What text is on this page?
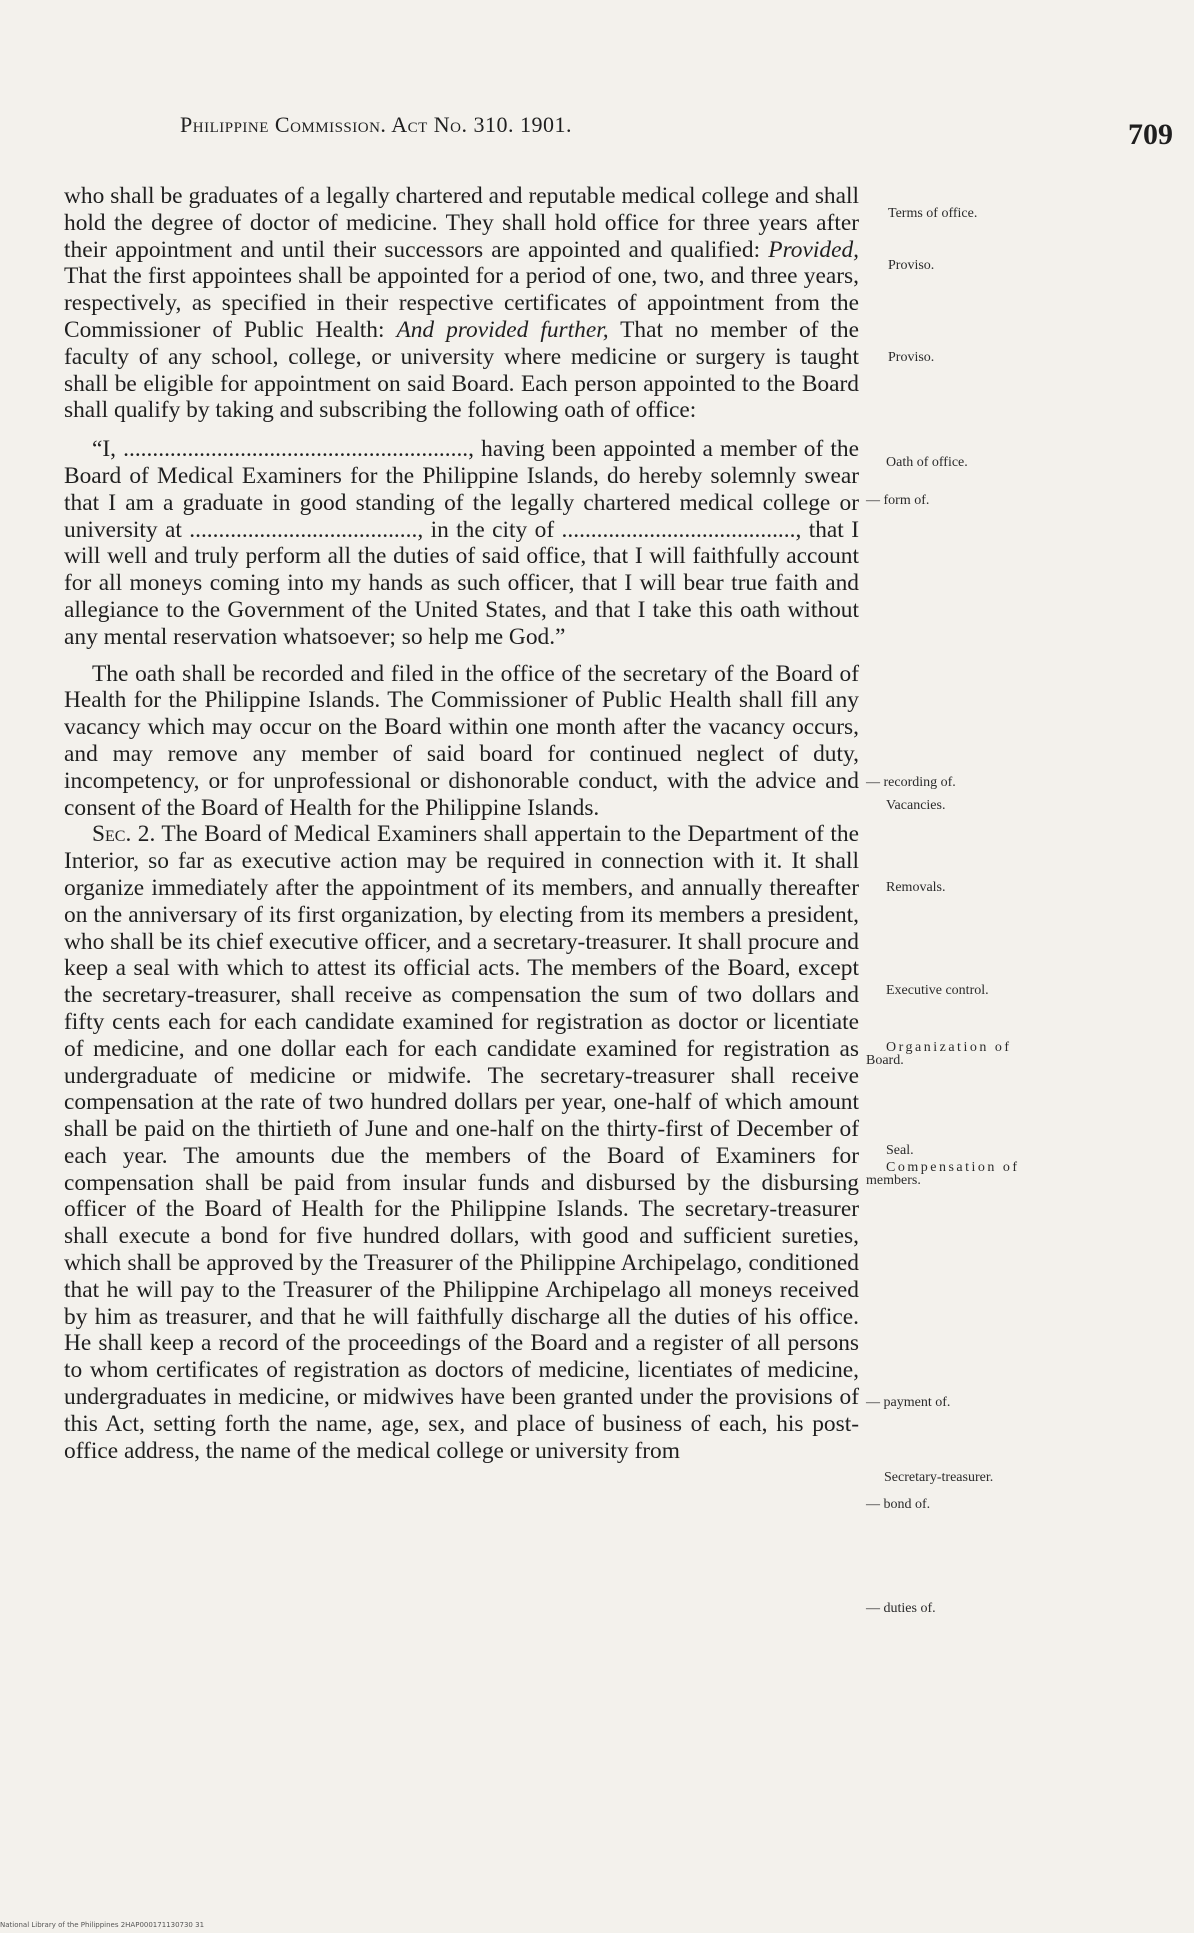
Philippine Commission. Act No. 310. 1901.	709

who shall be graduates of a legally chartered and reputable medical college and shall hold the degree of doctor of medicine. They shall hold office for three years after their appointment and until their successors are appointed and qualified: Provided, That the first appointees shall be appointed for a period of one, two, and three years, respectively, as specified in their respective certificates of appointment from the Commissioner of Public Health: And provided further, That no member of the faculty of any school, college, or university where medicine or surgery is taught shall be eligible for appointment on said Board. Each person appointed to the Board shall qualify by taking and subscribing the following oath of office:

“I, ..........................................................., having been appointed a member of the Board of Medical Examiners for the Philippine Islands, do hereby solemnly swear that I am a graduate in good standing of the legally chartered medical college or university at ......................................., in the city of ........................................, that I will well and truly perform all the duties of said office, that I will faithfully account for all moneys coming into my hands as such officer, that I will bear true faith and allegiance to the Government of the United States, and that I take this oath without any mental reservation whatsoever; so help me God.”

The oath shall be recorded and filed in the office of the secretary of the Board of Health for the Philippine Islands. The Commissioner of Public Health shall fill any vacancy which may occur on the Board within one month after the vacancy occurs, and may remove any member of said board for continued neglect of duty, incompetency, or for unprofessional or dishonorable conduct, with the advice and consent of the Board of Health for the Philippine Islands.

Sec. 2. The Board of Medical Examiners shall appertain to the Department of the Interior, so far as executive action may be required in connection with it. It shall organize immediately after the appointment of its members, and annually thereafter on the anniversary of its first organization, by electing from its members a president, who shall be its chief executive officer, and a secretary-treasurer. It shall procure and keep a seal with which to attest its official acts. The members of the Board, except the secretary-treasurer, shall receive as compensation the sum of two dollars and fifty cents each for each candidate examined for registration as doctor or licentiate of medicine, and one dollar each for each candidate examined for registration as undergraduate of medicine or midwife. The secretary-treasurer shall receive compensation at the rate of two hundred dollars per year, one-half of which amount shall be paid on the thirtieth of June and one-half on the thirty-first of December of each year. The amounts due the members of the Board of Examiners for compensation shall be paid from insular funds and disbursed by the disbursing officer of the Board of Health for the Philippine Islands. The secretary-treasurer shall execute a bond for five hundred dollars, with good and sufficient sureties, which shall be approved by the Treasurer of the Philippine Archipelago, conditioned that he will pay to the Treasurer of the Philippine Archipelago all moneys received by him as treasurer, and that he will faithfully discharge all the duties of his office. He shall keep a record of the proceedings of the Board and a register of all persons to whom certificates of registration as doctors of medicine, licentiates of medicine, undergraduates in medicine, or midwives have been granted under the provisions of this Act, setting forth the name, age, sex, and place of business of each, his post-office address, the name of the medical college or university from

Terms of office.
Proviso.
Proviso.
Oath of office.
— form of.
— recording of.
Vacancies.
Removals.
Executive control.
Organization of
Board.
Seal.
Compensation of
members.
— payment of.
Secretary-treasurer.
— bond of.
— duties of.
National Library of the Philippines 2HAP000171130730 31
